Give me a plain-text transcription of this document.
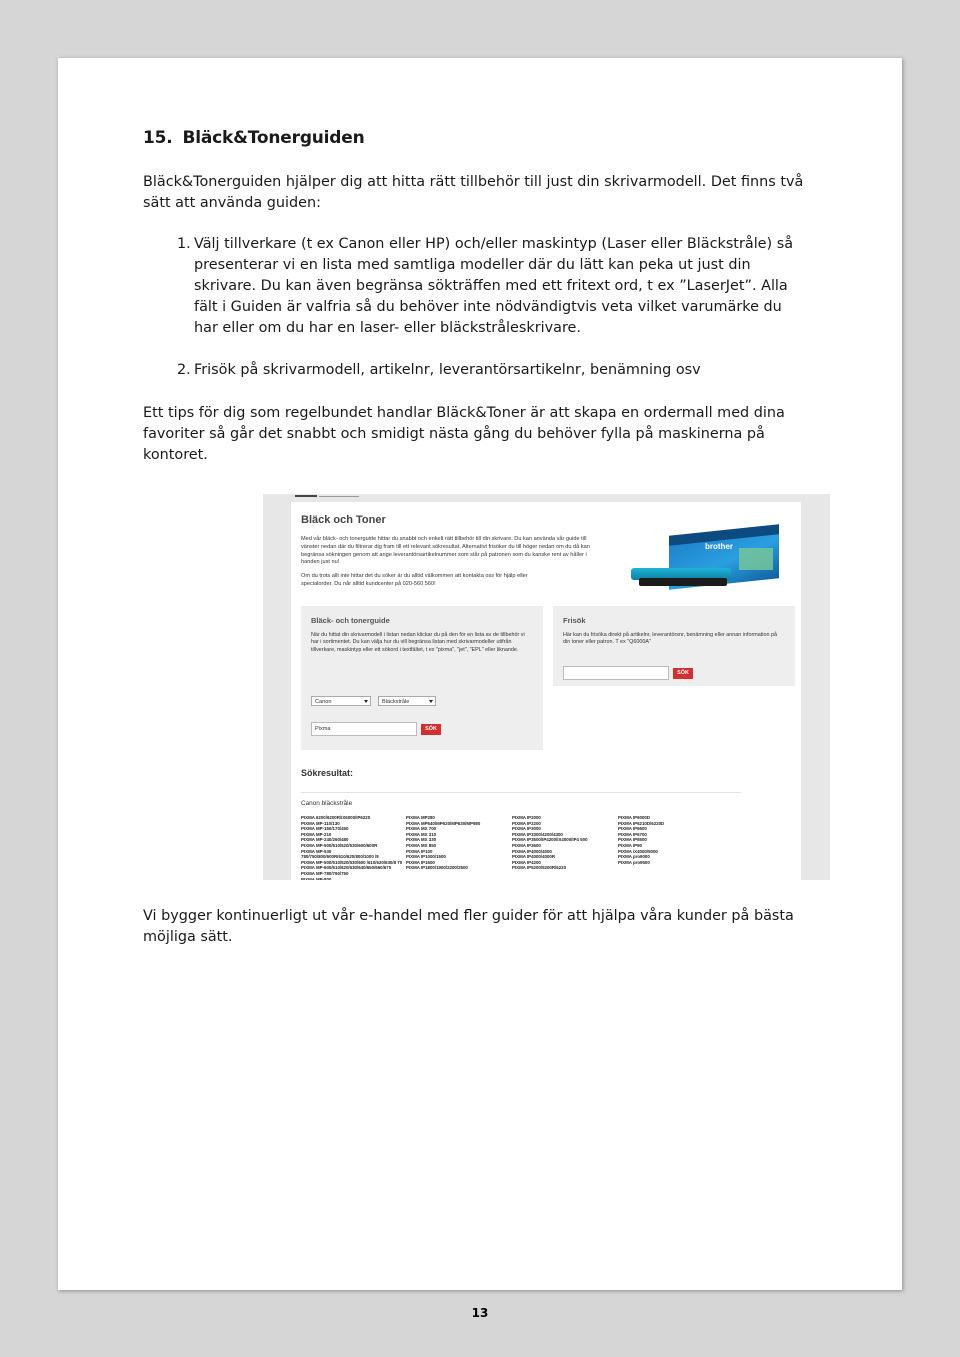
15. Bläck&Tonerguiden

Bläck&Tonerguiden hjälper dig att hitta rätt tillbehör till just din skrivarmodell. Det finns två sätt att använda guiden:

1. Välj tillverkare (t ex Canon eller HP) och/eller maskintyp (Laser eller Bläckstråle) så presenterar vi en lista med samtliga modeller där du lätt kan peka ut just din skrivare. Du kan även begränsa sökträffen med ett fritext ord, t ex ”LaserJet”. Alla fält i Guiden är valfria så du behöver inte nödvändigtvis veta vilket varumärke du har eller om du har en laser- eller bläckstråleskrivare.
2. Frisök på skrivarmodell, artikelnr, leverantörsartikelnr, benämning osv

Ett tips för dig som regelbundet handlar Bläck&Toner är att skapa en ordermall med dina favoriter så går det snabbt och smidigt nästa gång du behöver fylla på maskinerna på kontoret.

Bläck och Toner
Med vår bläck- och tonerguide hittar du snabbt och enkelt rätt tillbehör till din skrivare. Du kan använda vår guide till vänster nedan där du filtrerar dig fram till ett relevant sökresultat. Alternativt frisöker du till höger nedan om du då kan begränsa sökningen genom att ange leverantörsartikelnummer som står på patronen som du kanske rent av håller i handen just nu!
Om du trots allt inte hittar det du söker är du alltid välkommen att kontakta oss för hjälp eller specialorder. Du når alltid kundcenter på 020-560 560!
brother
Bläck- och tonerguide
När du hittat din skrivarmodell i listan nedan klickar du på den för en lista av de tillbehör vi har i sortimentet. Du kan välja hur du vill begränsa listan med skrivarmodeller utifrån tillverkare, maskintyp eller ett sökord i textfältet, t ex "pixma", "jet", "EPL" eller liknande.
Canon	Bläckstråle
Pixma	SÖK
Frisök
Här kan du frisöka direkt på artikelnr, leverantörsnr, benämning eller annan information på din toner eller patron. T ex "Q6000A"
SÖK
Sökresultat:
Canon bläckstråle
PIXMA 6200/6200R/IX6000/IP6220
PIXMA MP-110/130
PIXMA MP-150/170/450
PIXMA MP-210
PIXMA MP-240/260/480
PIXMA MP-500/510/520/530/600/600R
PIXMA MP-530
780/750/800/600R/610/620/800/1000 /8
PIXMA MP-500/510/520/530/600 /610/620/630/8 70
PIXMA MP-600/610/620/630/640/650/660/670
PIXMA MP-780/760/750
PIXMA MP-800
PIXMA MP280
PIXMA MP540/MP620/MP630/MP980
PIXMA MX 700
PIXMA MX 310
PIXMA MX 330
PIXMA MX 850
PIXMA IP100
PIXMA IP1000/1500
PIXMA IP1600
PIXMA IP1800/1900/2200/2500
PIXMA IP2000
PIXMA IP2200
PIXMA IP3000
PIXMA IP3300/4200/4300
PIXMA IP3500/IP4200/IX4000/IP4 500
PIXMA IP3600
PIXMA IP4000/4000
PIXMA IP4000/4000R
PIXMA IP4200
PIXMA IP5200/5200R/6220
PIXMA IP6000D
PIXMA IP6210D/6220D
PIXMA IP6600
PIXMA IP6700
PIXMA IP8500
PIXMA IP90
PIXMA iX4000/5000
PIXMA pro9000
PIXMA pro9500

Vi bygger kontinuerligt ut vår e-handel med fler guider för att hjälpa våra kunder på bästa möjliga sätt.

13
